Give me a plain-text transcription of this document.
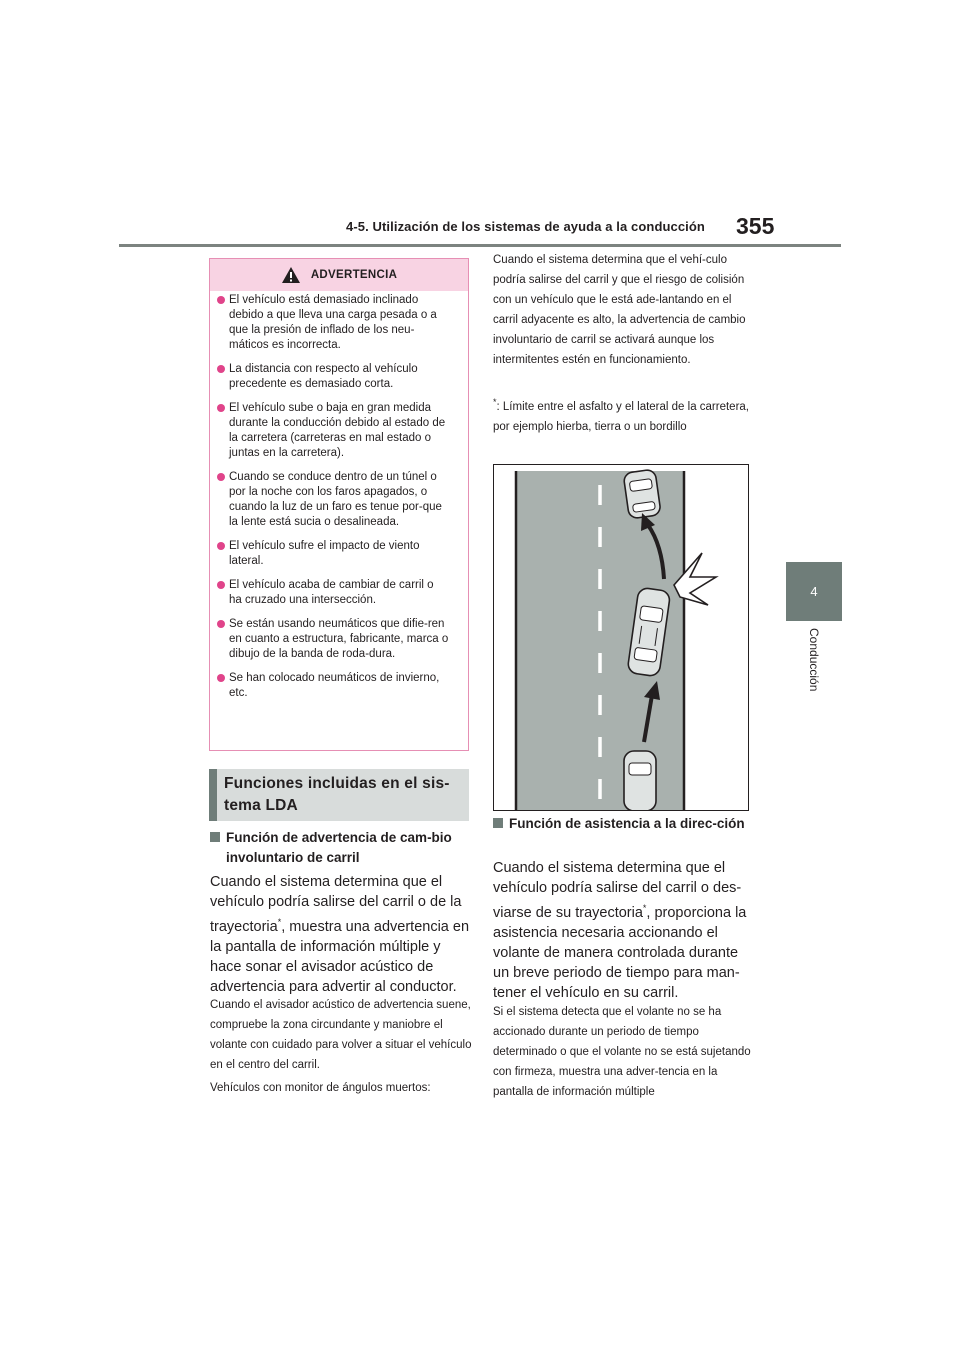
4-5. Utilización de los sistemas de ayuda a la conducción 355
4
Conducción
ADVERTENCIA
El vehículo está demasiado inclinado debido a que lleva una carga pesada o a que la presión de inflado de los neu-máticos es incorrecta.
La distancia con respecto al vehículo precedente es demasiado corta.
El vehículo sube o baja en gran medida durante la conducción debido al estado de la carretera (carreteras en mal estado o juntas en la carretera).
Cuando se conduce dentro de un túnel o por la noche con los faros apagados, o cuando la luz de un faro es tenue por-que la lente está sucia o desalineada.
El vehículo sufre el impacto de viento lateral.
El vehículo acaba de cambiar de carril o ha cruzado una intersección.
Se están usando neumáticos que difie-ren en cuanto a estructura, fabricante, marca o dibujo de la banda de roda-dura.
Se han colocado neumáticos de invierno, etc.
Funciones incluidas en el sis-tema LDA
Función de advertencia de cam-bio involuntario de carril
Cuando el sistema determina que el vehículo podría salirse del carril o de la trayectoria*, muestra una advertencia en la pantalla de información múltiple y hace sonar el avisador acústico de advertencia para advertir al conductor.
Cuando el avisador acústico de advertencia suene, compruebe la zona circundante y maniobre el volante con cuidado para volver a situar el vehículo en el centro del carril.
Vehículos con monitor de ángulos muertos:
Cuando el sistema determina que el vehí-culo podría salirse del carril y que el riesgo de colisión con un vehículo que le está ade-lantando en el carril adyacente es alto, la advertencia de cambio involuntario de carril se activará aunque los intermitentes estén en funcionamiento.
*: Límite entre el asfalto y el lateral de la carretera, por ejemplo hierba, tierra o un bordillo
Función de asistencia a la direc-ción
Cuando el sistema determina que el vehículo podría salirse del carril o des-viarse de su trayectoria*, proporciona la asistencia necesaria accionando el volante de manera controlada durante un breve periodo de tiempo para man-tener el vehículo en su carril.
Si el sistema detecta que el volante no se ha accionado durante un periodo de tiempo determinado o que el volante no se está sujetando con firmeza, muestra una adver-tencia en la pantalla de información múltiple
